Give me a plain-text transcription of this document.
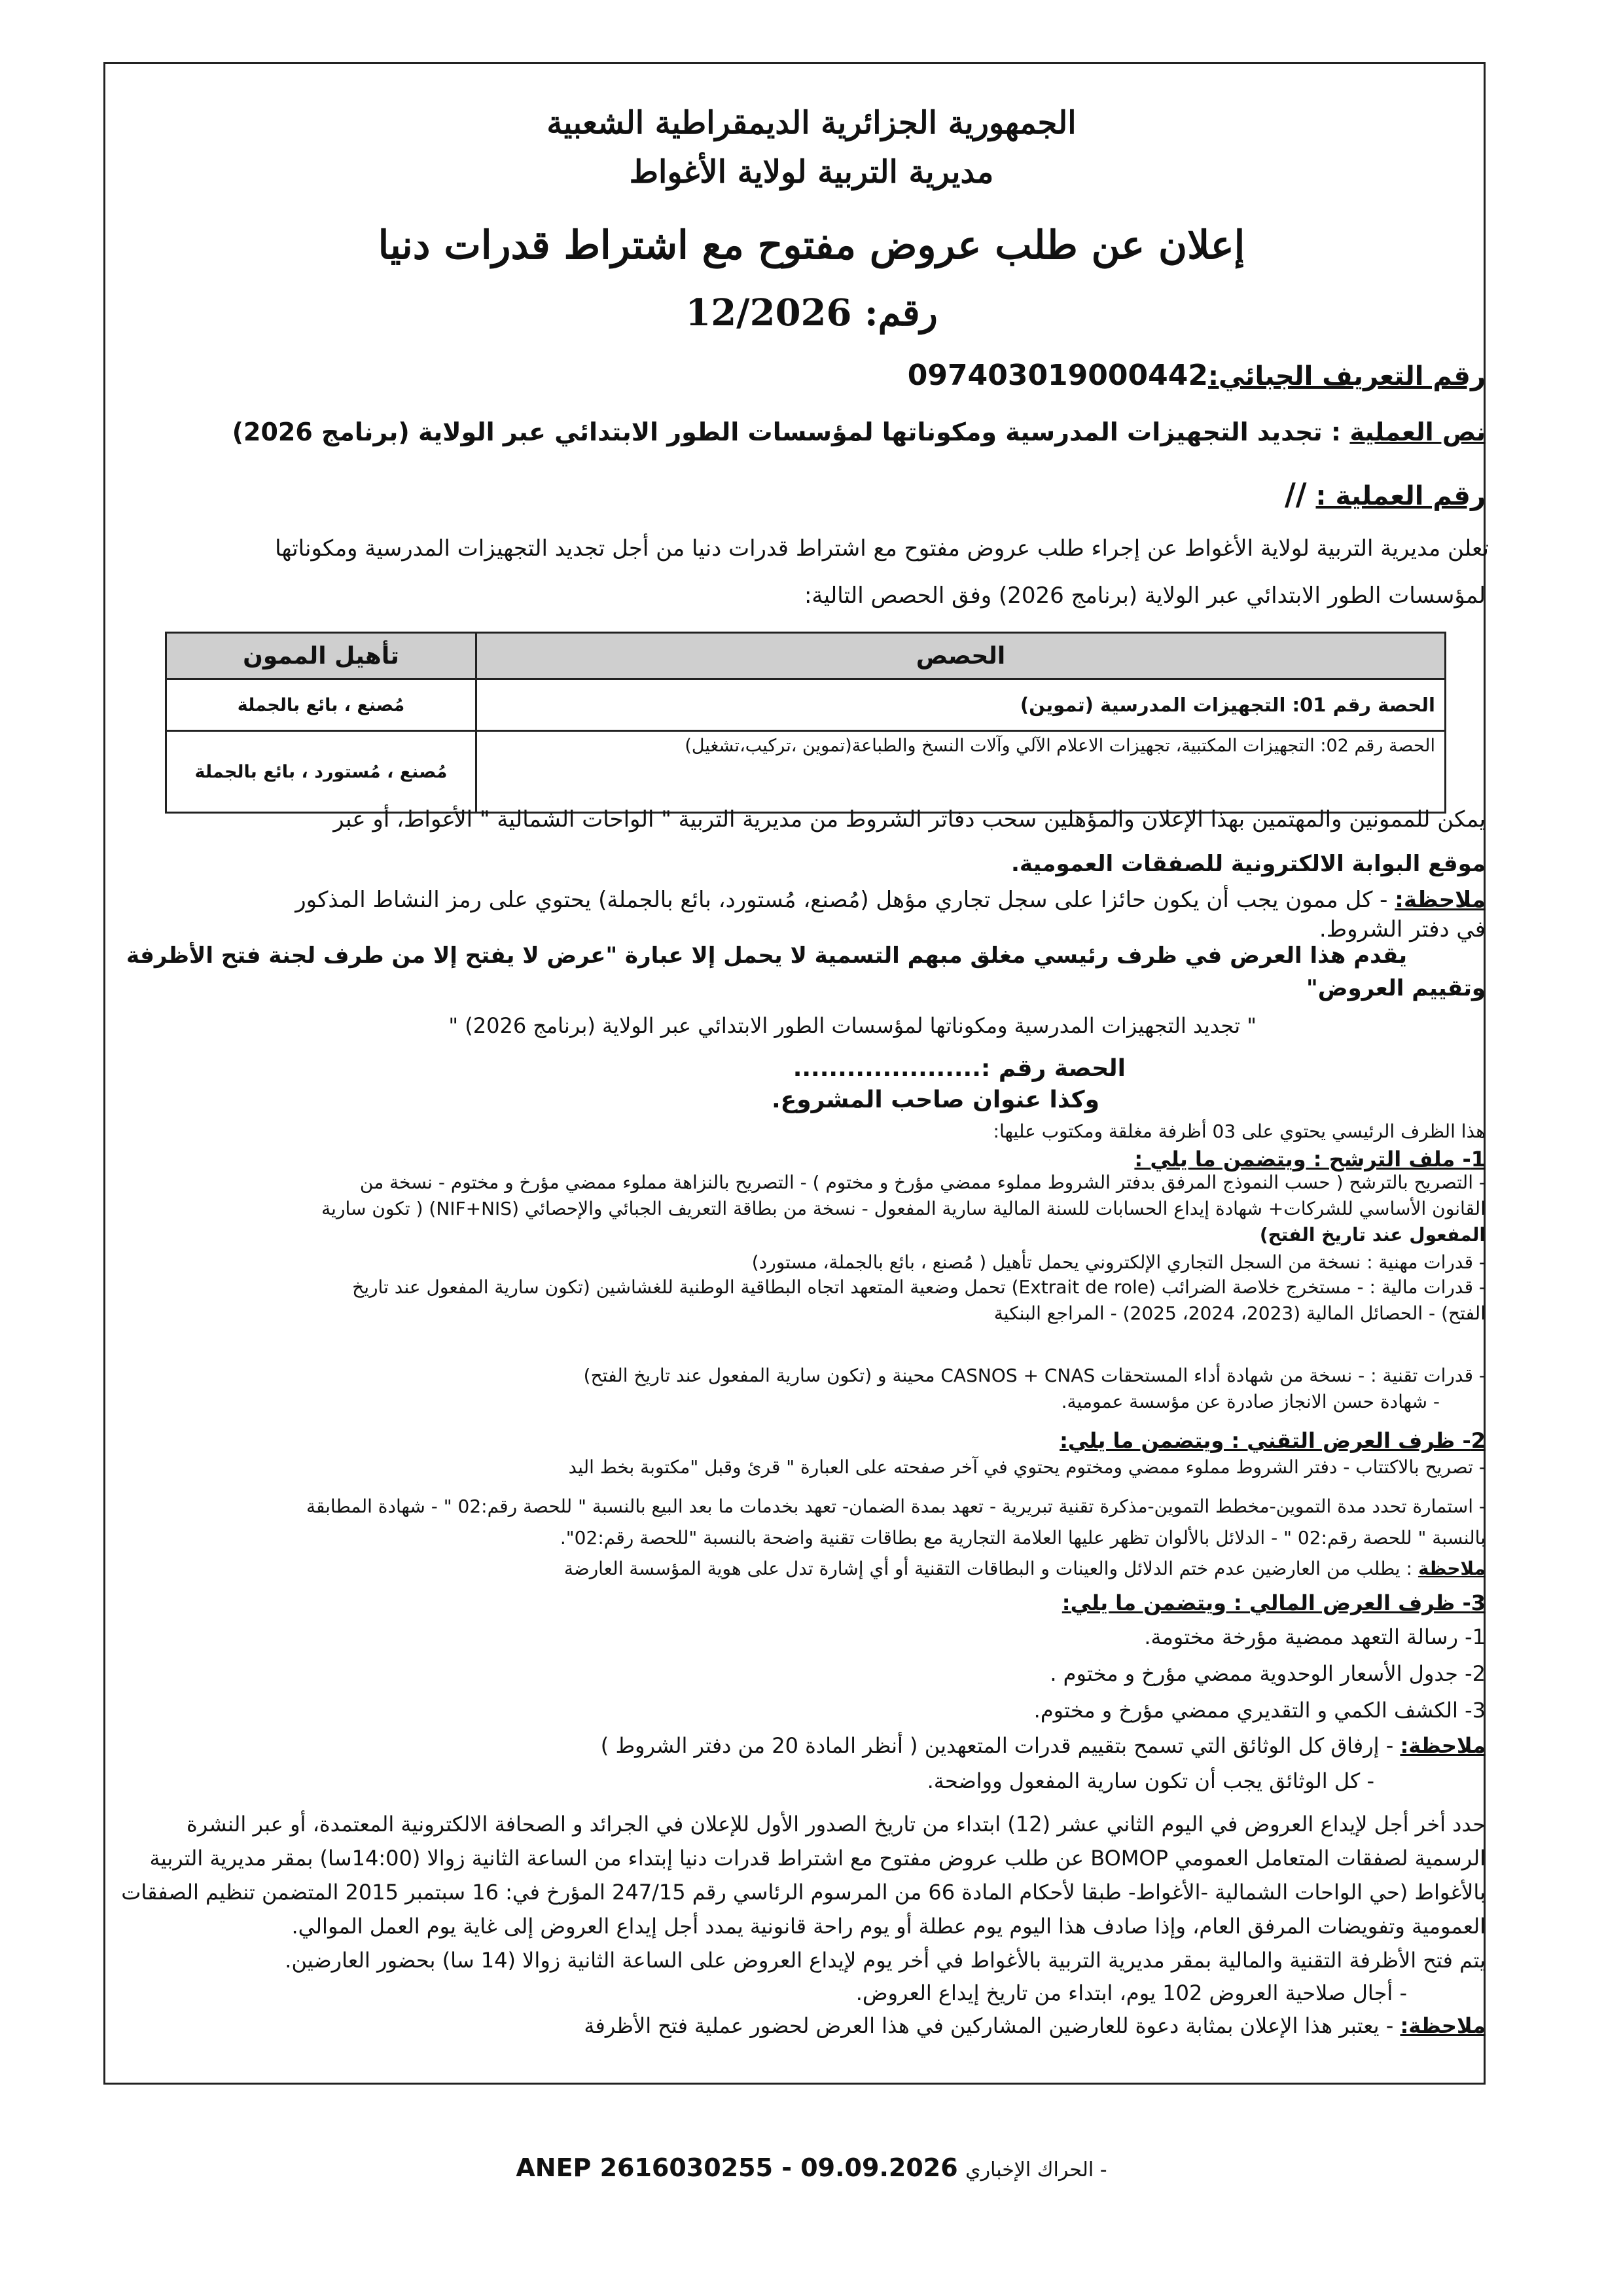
الجمهورية الجزائرية الديمقراطية الشعبية
مديرية التربية لولاية الأغواط
إعلان عن طلب عروض مفتوح مع اشتراط قدرات دنيا
رقم: 12/2026
رقم التعريف الجبائي:097403019000442
نص العملية : تجديد التجهيزات المدرسية ومكوناتها لمؤسسات الطور الابتدائي عبر الولاية (برنامج 2026)
رقم العملية : //
تعلن مديرية التربية لولاية الأغواط عن إجراء طلب عروض مفتوح مع اشتراط قدرات دنيا من أجل تجديد التجهيزات المدرسية ومكوناتها
لمؤسسات الطور الابتدائي عبر الولاية (برنامج 2026) وفق الحصص التالية:
الحصص	تأهيل الممون
الحصة رقم 01: التجهيزات المدرسية (تموين)	مُصنع ، بائع بالجملة
الحصة رقم 02: التجهيزات المكتبية، تجهيزات الاعلام الآلي وآلات النسخ والطباعة(تموين ،تركيب،تشغيل)	مُصنع ، مُستورد ، بائع بالجملة
يمكن للممونين والمهتمين بهذا الإعلان والمؤهلين سحب دفاتر الشروط من مديرية التربية " الواحات الشمالية " الأغواط، أو عبر
موقع البوابة الالكترونية للصفقات العمومية.
ملاحظة: - كل ممون يجب أن يكون حائزا على سجل تجاري مؤهل (مُصنع، مُستورد، بائع بالجملة) يحتوي على رمز النشاط المذكور
في دفتر الشروط.
يقدم هذا العرض في ظرف رئيسي مغلق مبهم التسمية لا يحمل إلا عبارة "عرض لا يفتح إلا من طرف لجنة فتح الأظرفة
وتقييم العروض"
" تجديد التجهيزات المدرسية ومكوناتها لمؤسسات الطور الابتدائي عبر الولاية (برنامج 2026) "
الحصة رقم :.....................
وكذا عنوان صاحب المشروع.
هذا الظرف الرئيسي يحتوي على 03 أظرفة مغلقة ومكتوب عليها:
1- ملف الترشح : ويتضمن ما يلي :
- التصريح بالترشح ( حسب النموذج المرفق بدفتر الشروط مملوء ممضي مؤرخ و مختوم ) - التصريح بالنزاهة مملوء ممضي مؤرخ و مختوم - نسخة من
القانون الأساسي للشركات+ شهادة إيداع الحسابات للسنة المالية سارية المفعول - نسخة من بطاقة التعريف الجبائي والإحصائي (NIF+NIS) ( تكون سارية
المفعول عند تاريخ الفتح)
- قدرات مهنية : نسخة من السجل التجاري الإلكتروني يحمل تأهيل ( مُصنع ، بائع بالجملة، مستورد)
- قدرات مالية : - مستخرج خلاصة الضرائب (Extrait de role) تحمل وضعية المتعهد اتجاه البطاقية الوطنية للغشاشين (تكون سارية المفعول عند تاريخ
الفتح) - الحصائل المالية (2023، 2024، 2025) - المراجع البنكية
- قدرات تقنية : - نسخة من شهادة أداء المستحقات CASNOS + CNAS محينة و (تكون سارية المفعول عند تاريخ الفتح)
- شهادة حسن الانجاز صادرة عن مؤسسة عمومية.
2- ظرف العرض التقني : ويتضمن ما يلي:
- تصريح بالاكتتاب - دفتر الشروط مملوء ممضي ومختوم يحتوي في آخر صفحته على العبارة " قرئ وقبل "مكتوبة بخط اليد
- استمارة تحدد مدة التموين-مخطط التموين-مذكرة تقنية تبريرية - تعهد بمدة الضمان- تعهد بخدمات ما بعد البيع بالنسبة " للحصة رقم:02 " - شهادة المطابقة
بالنسبة " للحصة رقم:02 " - الدلائل بالألوان تظهر عليها العلامة التجارية مع بطاقات تقنية واضحة بالنسبة "للحصة رقم:02".
ملاحظة : يطلب من العارضين عدم ختم الدلائل والعينات و البطاقات التقنية أو أي إشارة تدل على هوية المؤسسة العارضة
3- ظرف العرض المالي : ويتضمن ما يلي:
1- رسالة التعهد ممضية مؤرخة مختومة.
2- جدول الأسعار الوحدوية ممضي مؤرخ و مختوم .
3- الكشف الكمي و التقديري ممضي مؤرخ و مختوم.
ملاحظة: - إرفاق كل الوثائق التي تسمح بتقييم قدرات المتعهدين ( أنظر المادة 20 من دفتر الشروط )
- كل الوثائق يجب أن تكون سارية المفعول وواضحة.
حدد أخر أجل لإيداع العروض في اليوم الثاني عشر (12) ابتداء من تاريخ الصدور الأول للإعلان في الجرائد و الصحافة الالكترونية المعتمدة، أو عبر النشرة
الرسمية لصفقات المتعامل العمومي BOMOP عن طلب عروض مفتوح مع اشتراط قدرات دنيا إبتداء من الساعة الثانية زوالا (14:00سا) بمقر مديرية التربية
بالأغواط (حي الواحات الشمالية -الأغواط- طبقا لأحكام المادة 66 من المرسوم الرئاسي رقم 247/15 المؤرخ في: 16 سبتمبر 2015 المتضمن تنظيم الصفقات
العمومية وتفويضات المرفق العام، وإذا صادف هذا اليوم يوم عطلة أو يوم راحة قانونية يمدد أجل إيداع العروض إلى غاية يوم العمل الموالي.
يتم فتح الأظرفة التقنية والمالية بمقر مديرية التربية بالأغواط في أخر يوم لإيداع العروض على الساعة الثانية زوالا (14 سا) بحضور العارضين.
- أجال صلاحية العروض 102 يوم، ابتداء من تاريخ إيداع العروض.
ملاحظة: - يعتبر هذا الإعلان بمثابة دعوة للعارضين المشاركين في هذا العرض لحضور عملية فتح الأظرفة
ANEP 2616030255 - 09.09.2026 الحراك الإخباري -
